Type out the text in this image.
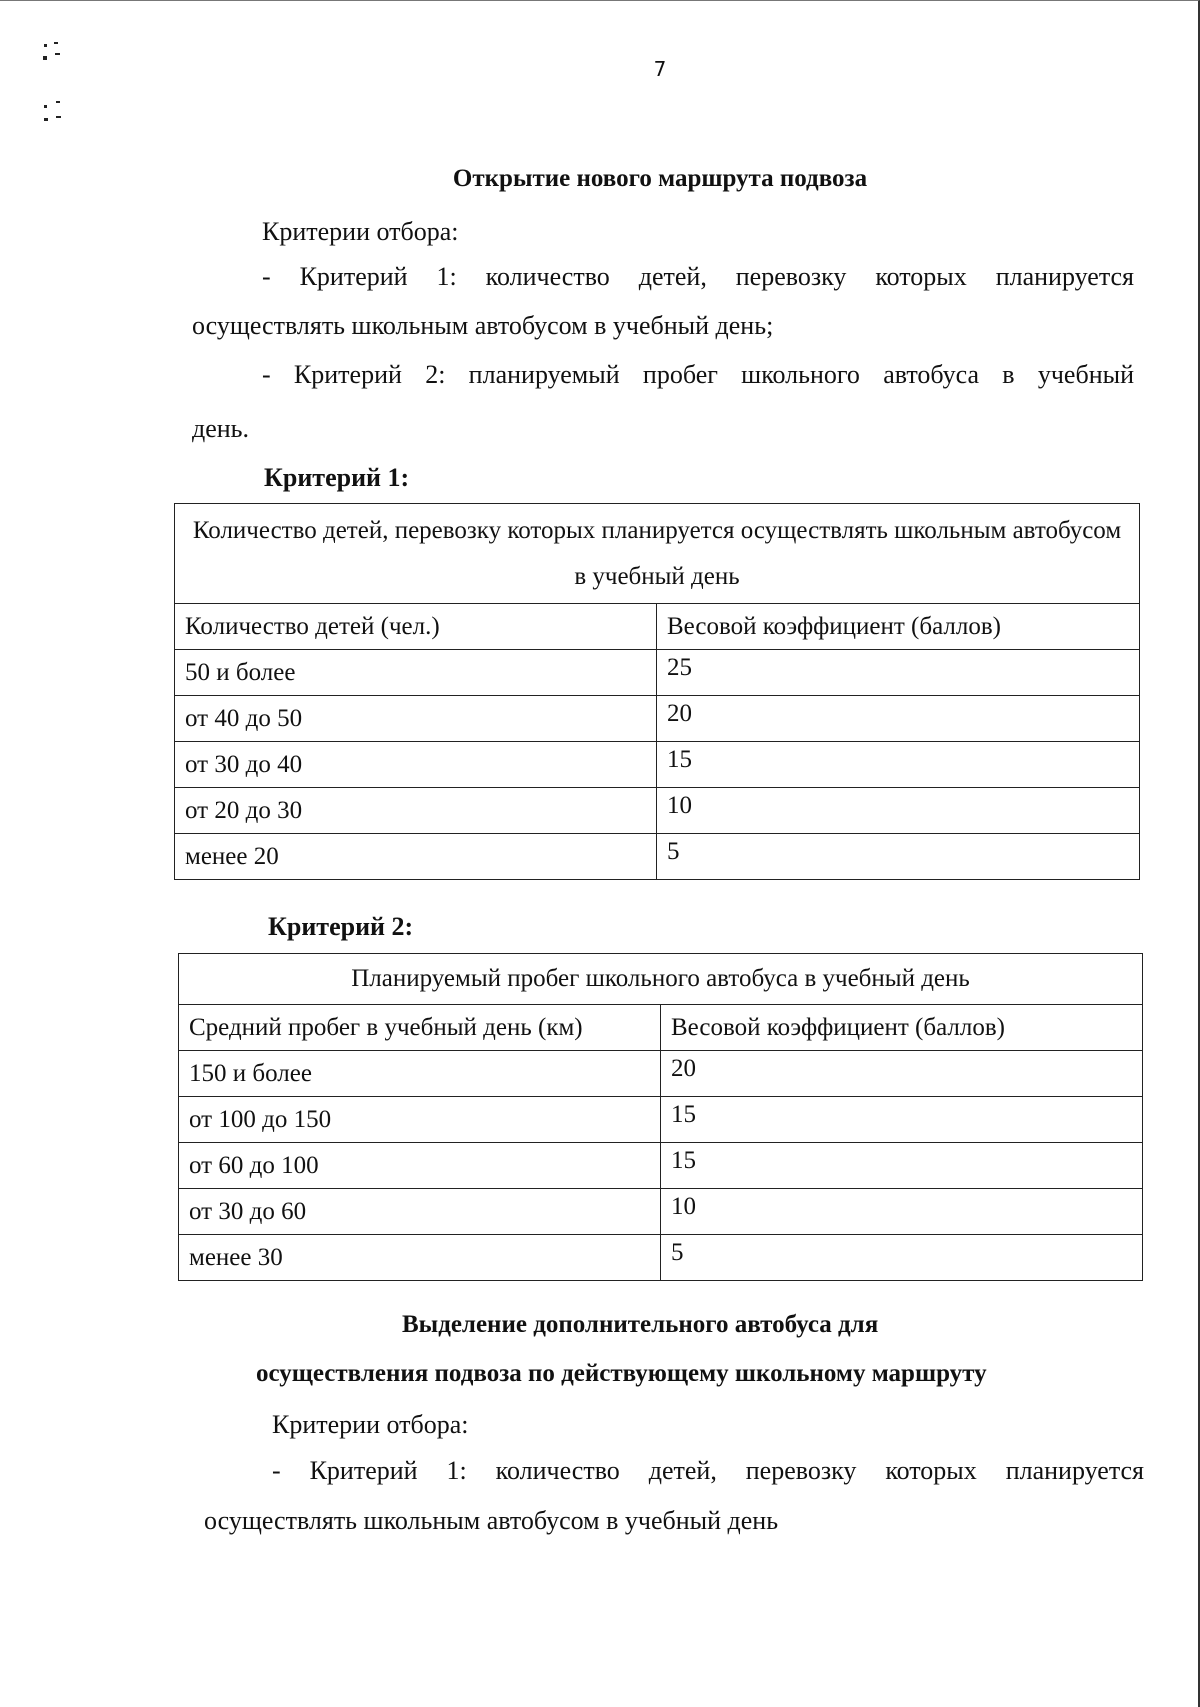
7
Открытие нового маршрута подвоза
Критерии отбора:
- Критерий 1: количество детей, перевозку которых планируется
осуществлять школьным автобусом в учебный день;
- Критерий 2: планируемый пробег школьного автобуса в учебный
день.
Критерий 1:
Количество детей, перевозку которых планируется осуществлять школьным автобусом в учебный день	
Количество детей (чел.)	Весовой коэффициент (баллов)
50 и более	25
от 40 до 50	20
от 30 до 40	15
от 20 до 30	10
менее 20	5
Критерий 2:
Планируемый пробег школьного автобуса в учебный день	
Средний пробег в учебный день (км)	Весовой коэффициент (баллов)
150 и более	20
от 100 до 150	15
от 60 до 100	15
от 30 до 60	10
менее 30	5
Выделение дополнительного автобуса для
осуществления подвоза по действующему школьному маршруту
Критерии отбора:
- Критерий 1: количество детей, перевозку которых планируется
осуществлять школьным автобусом в учебный день
